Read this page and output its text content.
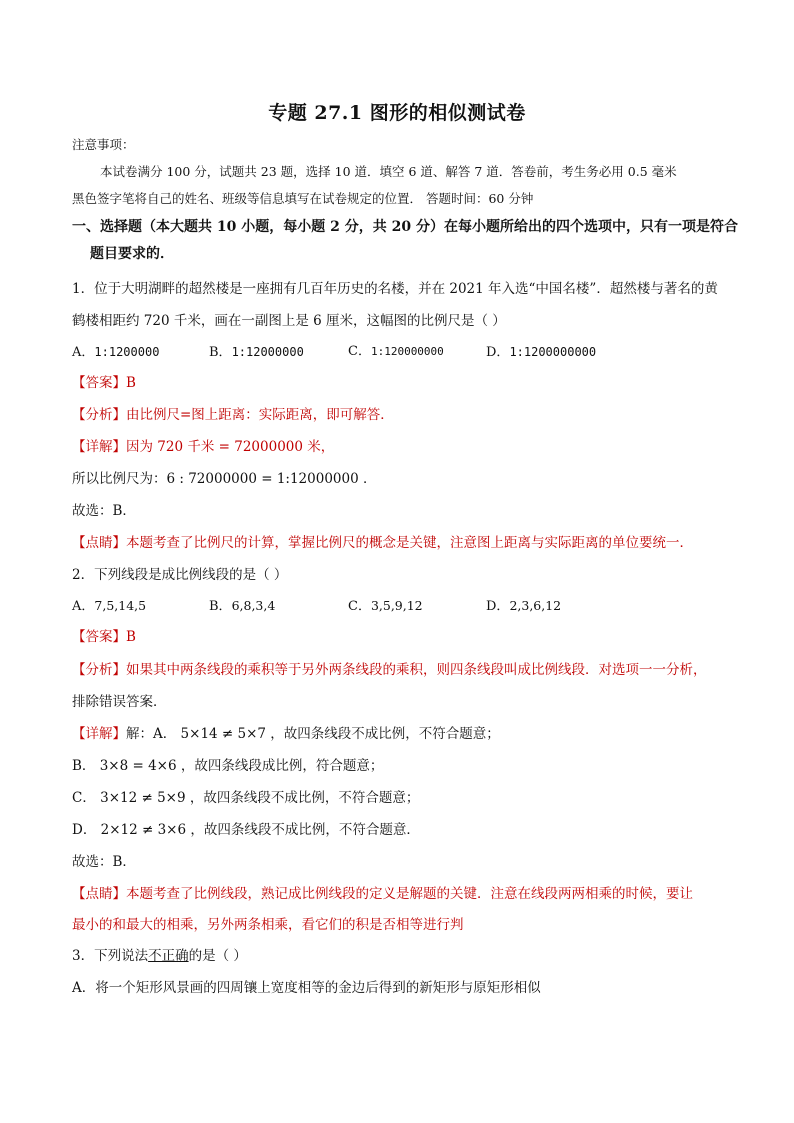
专题 27.1 图形的相似测试卷
注意事项：
本试卷满分 100 分，试题共 23 题，选择 10 道．填空 6 道、解答 7 道．答卷前，考生务必用 0.5 毫米
黑色签字笔将自己的姓名、班级等信息填写在试卷规定的位置． 答题时间：60 分钟
一、选择题（本大题共 10 小题，每小题 2 分，共 20 分）在每小题所给出的四个选项中，只有一项是符合
题目要求的．
1．位于大明湖畔的超然楼是一座拥有几百年历史的名楼，并在 2021 年入选“中国名楼”．超然楼与著名的黄
鹤楼相距约 720 千米，画在一副图上是 6 厘米，这幅图的比例尺是（ ）
A．1:1200000	B．1:12000000	C．1:120000000	D．1:1200000000
【答案】B
【分析】由比例尺=图上距离：实际距离，即可解答．
【详解】因为 720 千米 = 72000000 米，
所以比例尺为：6 : 72000000 = 1:12000000 ．
故选：B．
【点睛】本题考查了比例尺的计算，掌握比例尺的概念是关键，注意图上距离与实际距离的单位要统一．
2．下列线段是成比例线段的是（ ）
A．7,5,14,5	B．6,8,3,4	C．3,5,9,12	D．2,3,6,12
【答案】B
【分析】如果其中两条线段的乘积等于另外两条线段的乘积，则四条线段叫成比例线段．对选项一一分析，
排除错误答案．
【详解】解：A． 5×14 ≠ 5×7 ，故四条线段不成比例，不符合题意；
B． 3×8 = 4×6 ，故四条线段成比例，符合题意；
C． 3×12 ≠ 5×9 ，故四条线段不成比例，不符合题意；
D． 2×12 ≠ 3×6 ，故四条线段不成比例，不符合题意．
故选：B．
【点睛】本题考查了比例线段，熟记成比例线段的定义是解题的关键．注意在线段两两相乘的时候，要让
最小的和最大的相乘，另外两条相乘，看它们的积是否相等进行判
3．下列说法不正确的是（ ）
A．将一个矩形风景画的四周镶上宽度相等的金边后得到的新矩形与原矩形相似
